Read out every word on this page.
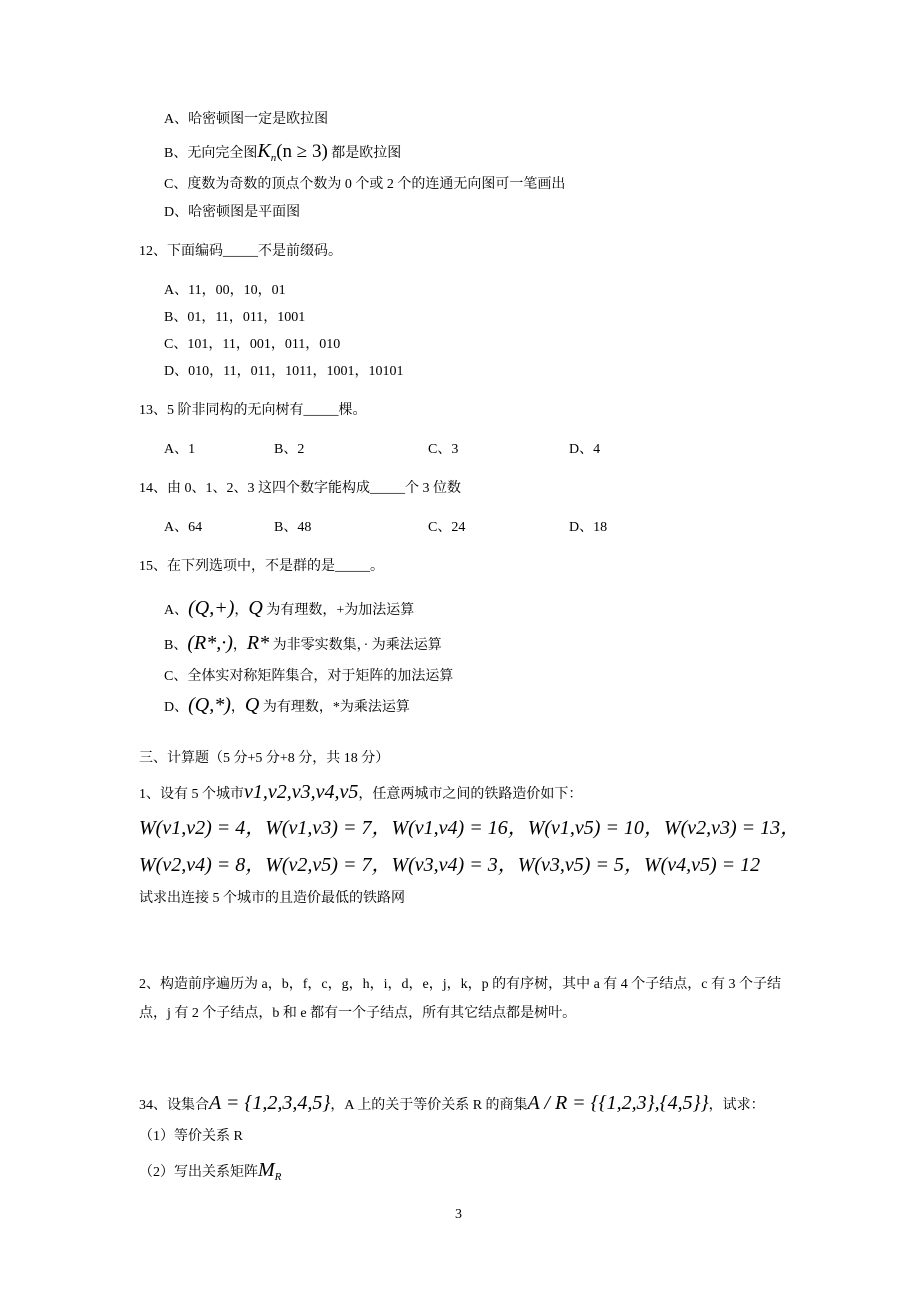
A、哈密顿图一定是欧拉图
B、无向完全图$K_n(n \ge 3)$ 都是欧拉图
C、度数为奇数的顶点个数为 0 个或 2 个的连通无向图可一笔画出
D、哈密顿图是平面图
12、下面编码_____不是前缀码。
A、11，00，10，01
B、01，11，011，1001
C、101，11，001，011，010
D、010，11，011，1011，1001，10101
13、5 阶非同构的无向树有_____棵。
A、1	B、2	C、3	D、4
14、由 0、1、2、3 这四个数字能构成_____个 3 位数
A、64	B、48	C、24	D、18
15、在下列选项中，不是群的是_____。
A、(Q,+)，Q 为有理数，+为加法运算
B、(R*,·)，R* 为非零实数集，· 为乘法运算
C、全体实对称矩阵集合，对于矩阵的加法运算
D、(Q,*)，Q 为有理数，*为乘法运算
三、计算题（5 分+5 分+8 分，共 18 分）
1、设有 5 个城市v1,v2,v3,v4,v5，任意两城市之间的铁路造价如下：
W(v1,v2) = 4，W(v1,v3) = 7，W(v1,v4) = 16，W(v1,v5) = 10，W(v2,v3) = 13，
W(v2,v4) = 8，W(v2,v5) = 7，W(v3,v4) = 3，W(v3,v5) = 5，W(v4,v5) = 12
试求出连接 5 个城市的且造价最低的铁路网
2、构造前序遍历为 a，b，f，c，g，h，i，d，e，j，k，p 的有序树，其中 a 有 4 个子结点，c 有 3 个子结
点，j 有 2 个子结点，b 和 e 都有一个子结点，所有其它结点都是树叶。
34、设集合A = {1,2,3,4,5}，A 上的关于等价关系 R 的商集A / R = {{1,2,3},{4,5}}，试求：
（1）等价关系 R
（2）写出关系矩阵$M_R$
3
